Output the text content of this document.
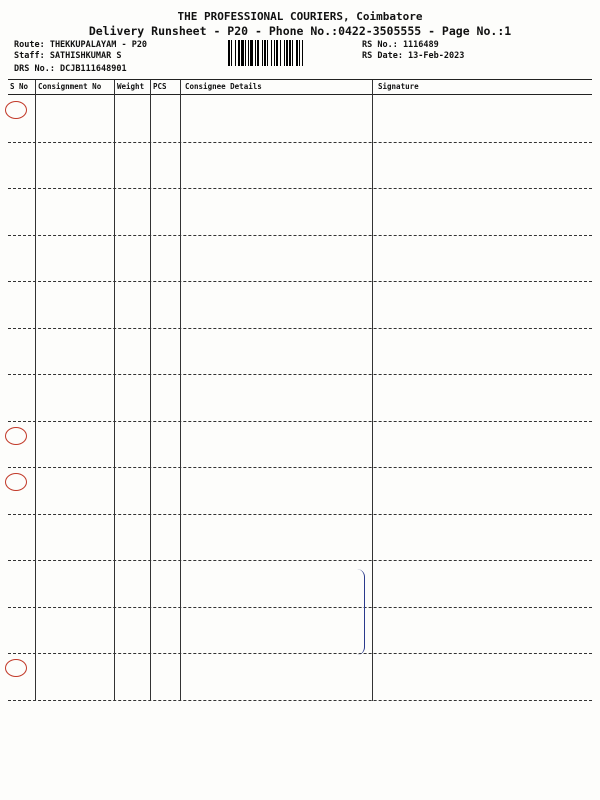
THE PROFESSIONAL COURIERS, Coimbatore
Delivery Runsheet - P20 - Phone No.:0422-3505555 - Page No.:1
Route: THEKKUPALAYAM - P20
Staff: SATHISHKUMAR S
DRS No.: DCJB111648901
RS No.: 1116489
RS Date: 13-Feb-2023
S No Consignment No Weight PCS Consignee Details	Signature
